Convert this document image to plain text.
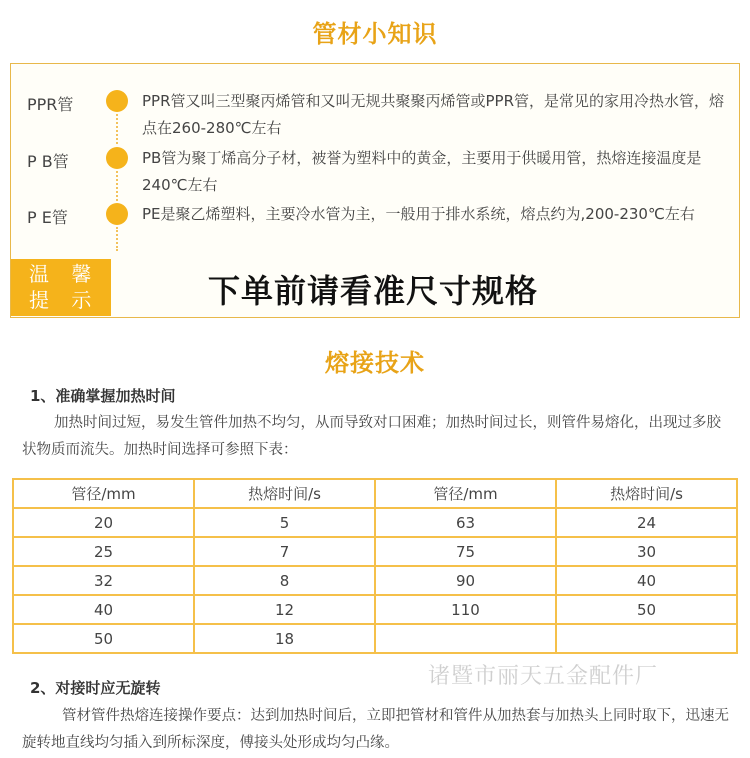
管材小知识
PPR管	PPR管又叫三型聚丙烯管和又叫无规共聚聚丙烯管或PPR管，是常见的家用冷热水管，熔点在260-280℃左右
P B管	PB管为聚丁烯高分子材，被誉为塑料中的黄金，主要用于供暖用管，热熔连接温度是240℃左右
P E管	PE是聚乙烯塑料，主要冷水管为主，一般用于排水系统，熔点约为,200-230℃左右
温 馨
提 示	下单前请看准尺寸规格
熔接技术
1、准确掌握加热时间
加热时间过短，易发生管件加热不均匀，从而导致对口困难；加热时间过长，则管件易熔化，出现过多胶状物质而流失。加热时间选择可参照下表：
管径/mm	热熔时间/s	管径/mm	热熔时间/s
20	5	63	24
25	7	75	30
32	8	90	40
40	12	110	50
50	18		
2、对接时应无旋转
管材管件热熔连接操作要点：达到加热时间后，立即把管材和管件从加热套与加热头上同时取下，迅速无旋转地直线均匀插入到所标深度，傅接头处形成均匀凸缘。
诸暨市丽天五金配件厂
